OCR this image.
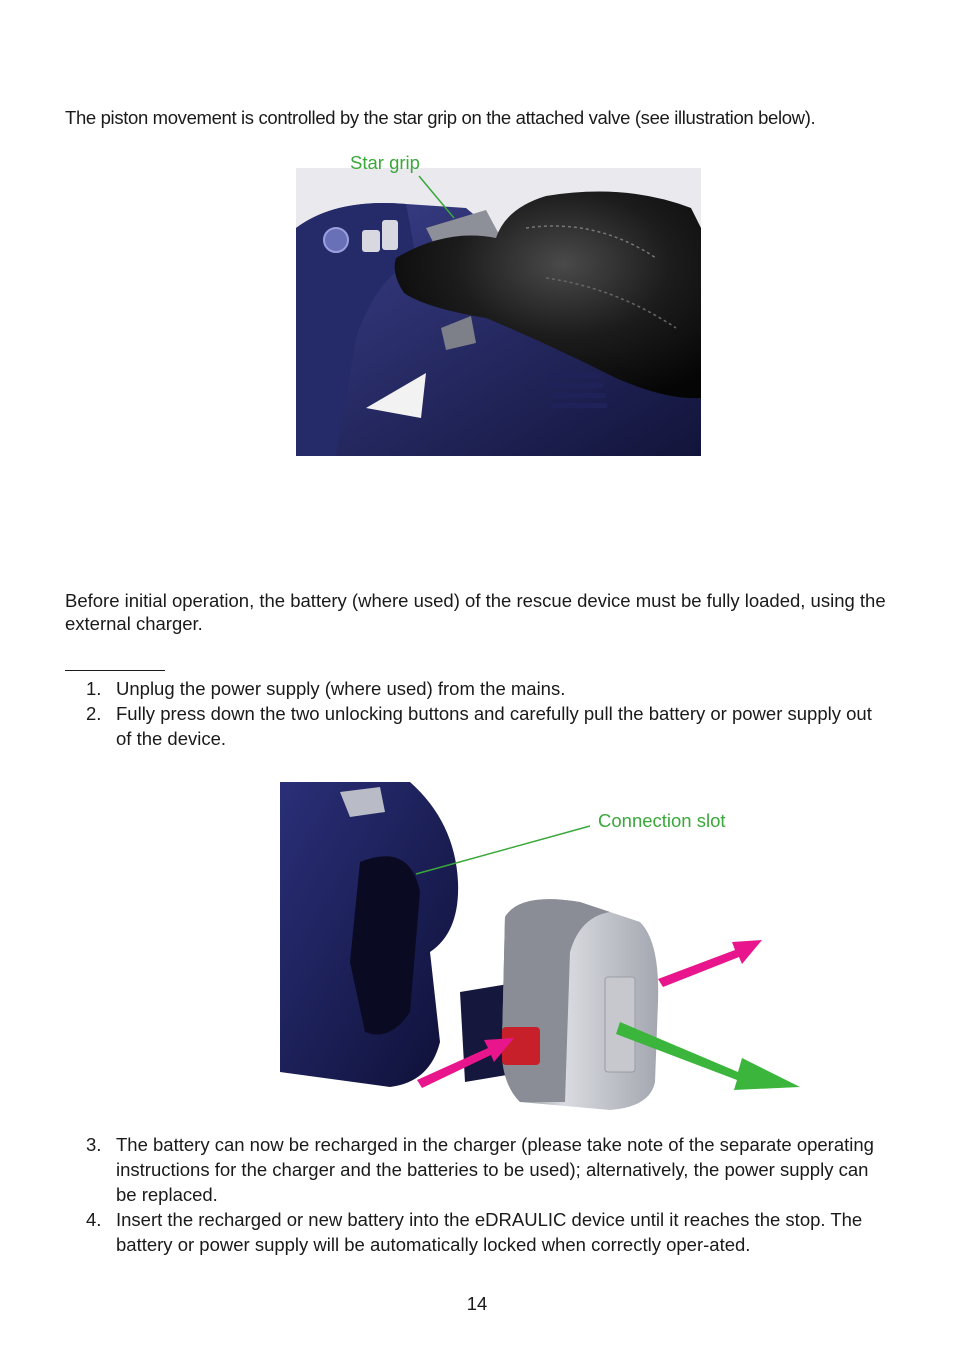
The piston movement is controlled by the star grip on the attached valve (see illustration below).

Star grip

Before initial operation, the battery (where used) of the rescue device must be fully loaded, using the external charger.

1. Unplug the power supply (where used) from the mains.
2. Fully press down the two unlocking buttons and carefully pull the battery or power supply out of the device.
Connection slot
3. The battery can now be recharged in the charger (please take note of the separate operating instructions for the charger and the batteries to be used); alternatively, the power supply can be replaced.
4. Insert the recharged or new battery into the eDRAULIC device until it reaches the stop. The battery or power supply will be automatically locked when correctly oper-ated.
14
